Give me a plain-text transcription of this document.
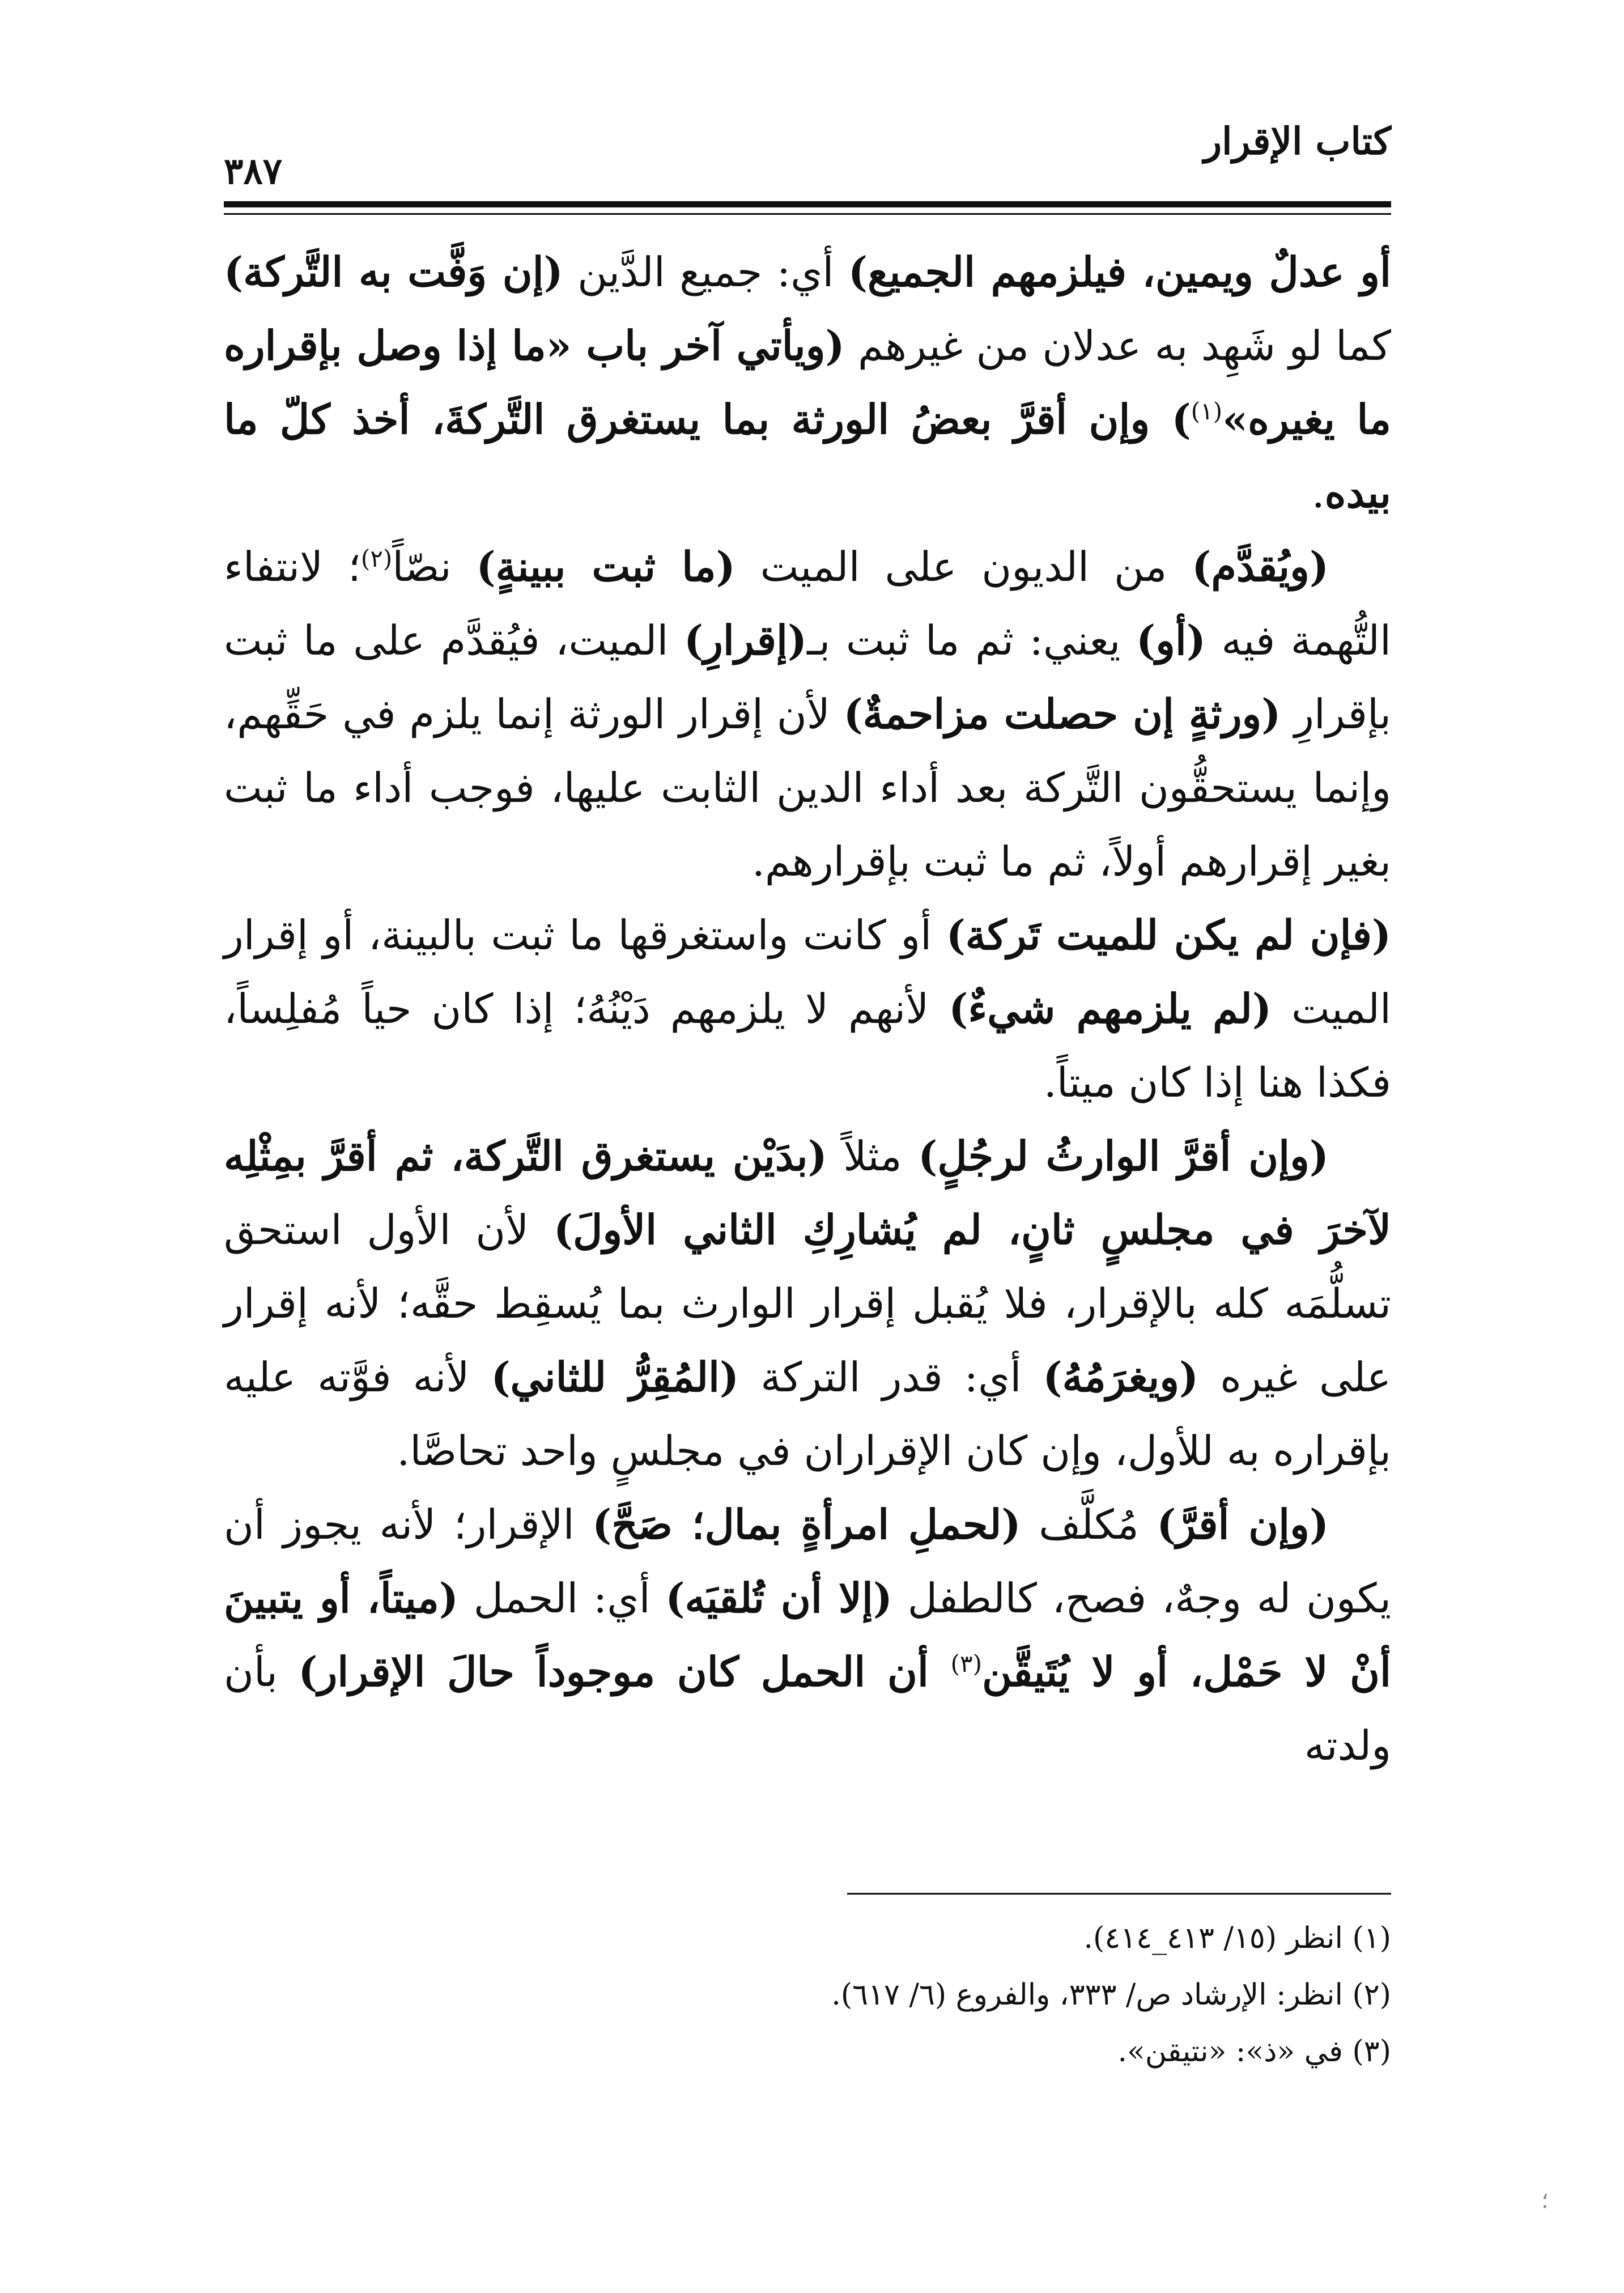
كتاب الإقرار
٣٨٧

أو عدلٌ ويمين، فيلزمهم الجميع) أي: جميع الدَّين (إن وَفَّت به التَّركة) كما لو شَهِد به عدلان من غيرهم (ويأتي آخر باب «ما إذا وصل بإقراره ما يغيره»$^{(١)}$) وإن أقرَّ بعضُ الورثة بما يستغرق التَّركةَ، أخذ كلّ ما بيده.

(ويُقدَّم) من الديون على الميت (ما ثبت ببينةٍ) نصّاً$^{(٢)}$؛ لانتفاء التُّهمة فيه (أو) يعني: ثم ما ثبت بـ(إقرارِ) الميت، فيُقدَّم على ما ثبت بإقرارِ (ورثةٍ إن حصلت مزاحمةٌ) لأن إقرار الورثة إنما يلزم في حَقِّهم، وإنما يستحقُّون التَّركة بعد أداء الدين الثابت عليها، فوجب أداء ما ثبت بغير إقرارهم أولاً، ثم ما ثبت بإقرارهم.

(فإن لم يكن للميت تَركة) أو كانت واستغرقها ما ثبت بالبينة، أو إقرار الميت (لم يلزمهم شيءٌ) لأنهم لا يلزمهم دَيْنُهُ؛ إذا كان حياً مُفلِساً، فكذا هنا إذا كان ميتاً.

(وإن أقرَّ الوارثُ لرجُلٍ) مثلاً (بدَيْن يستغرق التَّركة، ثم أقرَّ بمِثْلِه لآخرَ في مجلسٍ ثانٍ، لم يُشارِكِ الثاني الأولَ) لأن الأول استحق تسلُّمَه كله بالإقرار، فلا يُقبل إقرار الوارث بما يُسقِط حقَّه؛ لأنه إقرار على غيره (ويغرَمُهُ) أي: قدر التركة (المُقِرُّ للثاني) لأنه فوَّته عليه بإقراره به للأول، وإن كان الإقراران في مجلسٍ واحد تحاصَّا.

(وإن أقرَّ) مُكلَّف (لحملِ امرأةٍ بمال؛ صَحَّ) الإقرار؛ لأنه يجوز أن يكون له وجهٌ، فصح، كالطفل (إلا أن تُلقيَه) أي: الحمل (ميتاً، أو يتبينَ أنْ لا حَمْل، أو لا يُتَيقَّن$^{(٣)}$ أن الحمل كان موجوداً حالَ الإقرار) بأن ولدته

(١) انظر (١٥/ ٤١٣_٤١٤).

(٢) انظر: الإرشاد ص/ ٣٣٣، والفروع (٦/ ٦١٧).

(٣) في «ذ»: «نتيقن».

؛
